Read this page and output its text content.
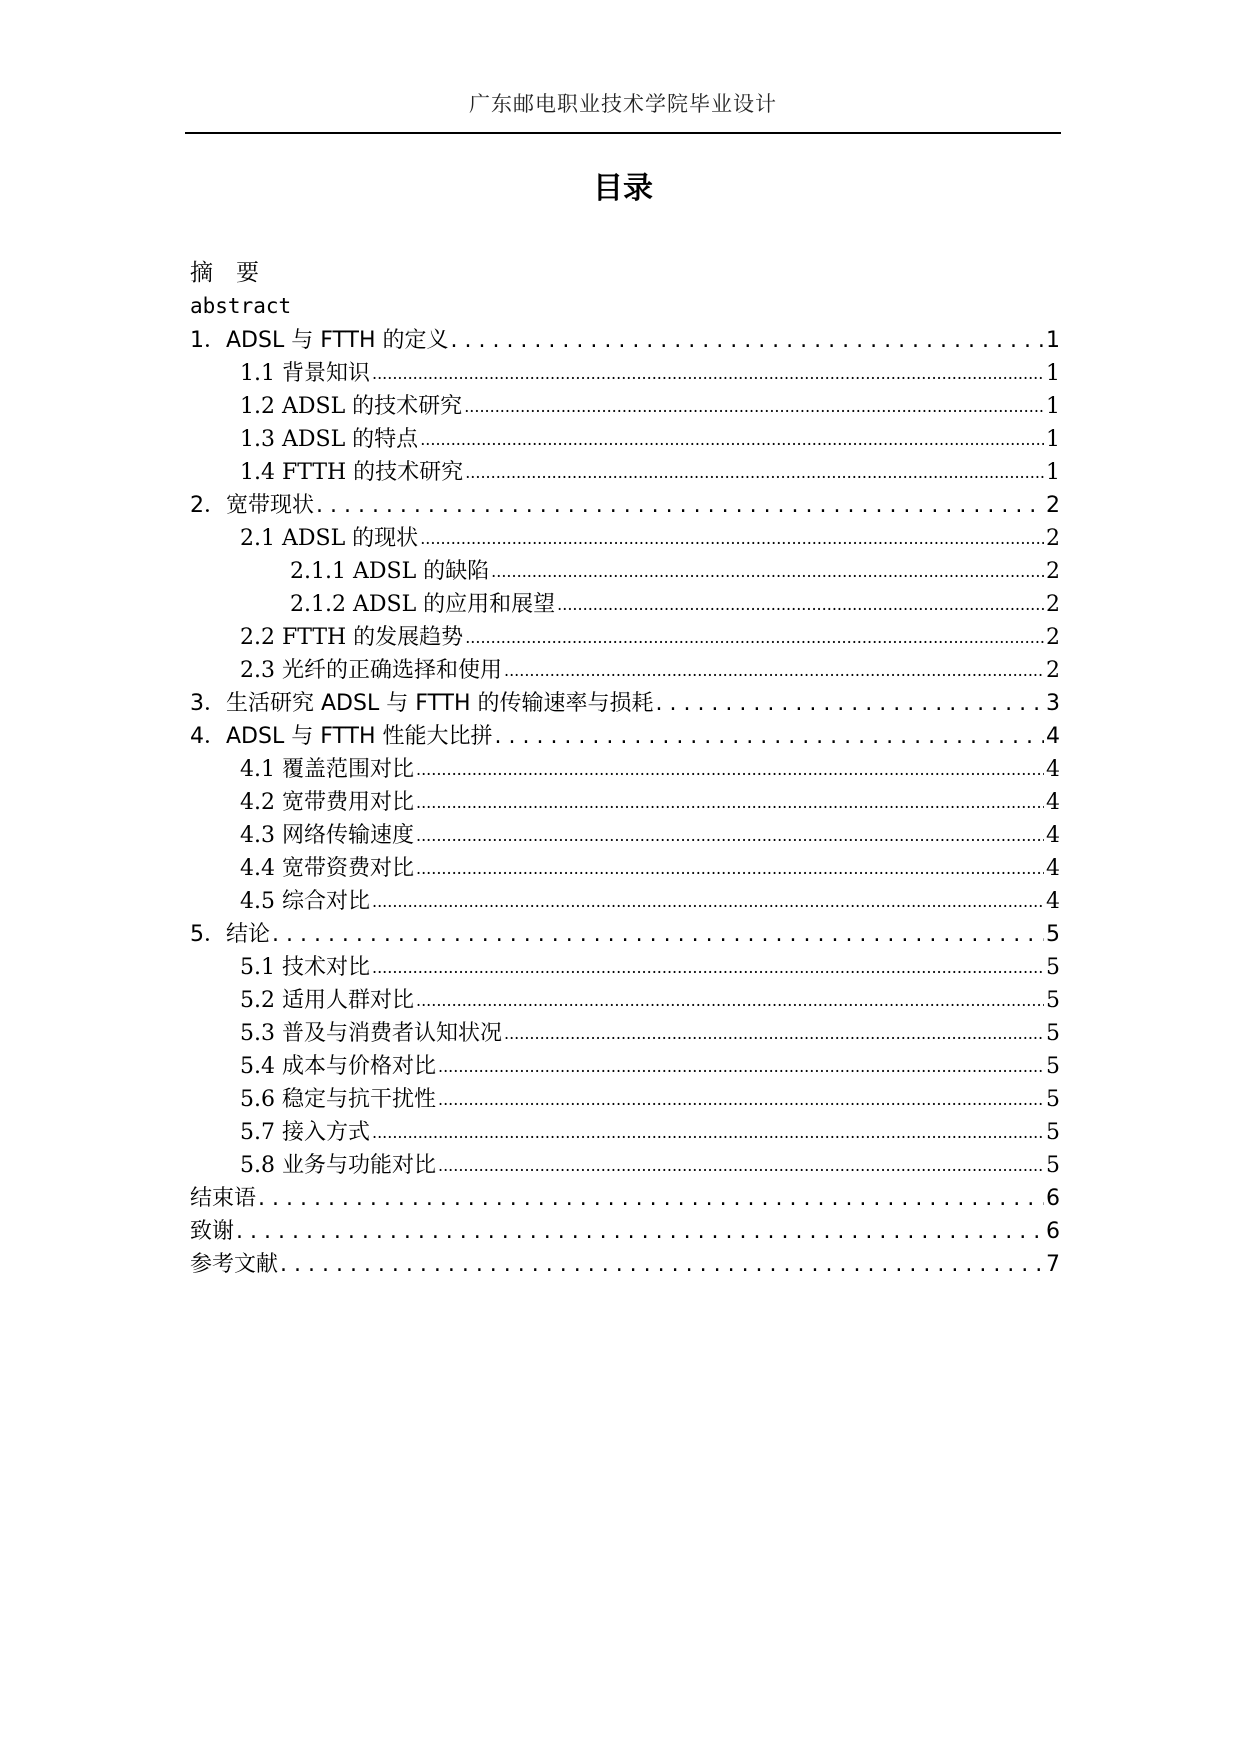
广东邮电职业技术学院毕业设计
目录
摘　要
abstract
1．ADSL 与 FTTH 的定义 . . .	1
1.1 背景知识 .....	1
1.2 ADSL 的技术研究 .....	1
1.3 ADSL 的特点 .....	1
1.4 FTTH 的技术研究 .....	1
2．宽带现状 . . .	2
2.1 ADSL 的现状 .....	2
2.1.1 ADSL 的缺陷 .....	2
2.1.2 ADSL 的应用和展望 .....	2
2.2 FTTH 的发展趋势 .....	2
2.3 光纤的正确选择和使用 .....	2
3．生活研究 ADSL 与 FTTH 的传输速率与损耗 . . .	3
4．ADSL 与 FTTH 性能大比拼 . . .	4
4.1 覆盖范围对比 .....	4
4.2 宽带费用对比 .....	4
4.3 网络传输速度 .....	4
4.4 宽带资费对比 .....	4
4.5 综合对比 .....	4
5．结论 . . .	5
5.1 技术对比 .....	5
5.2 适用人群对比 .....	5
5.3 普及与消费者认知状况 .....	5
5.4 成本与价格对比 .....	5
5.6 稳定与抗干扰性 .....	5
5.7 接入方式 .....	5
5.8 业务与功能对比 .....	5
结束语 . . .	6
致谢 . . .	6
参考文献 . . .	7
